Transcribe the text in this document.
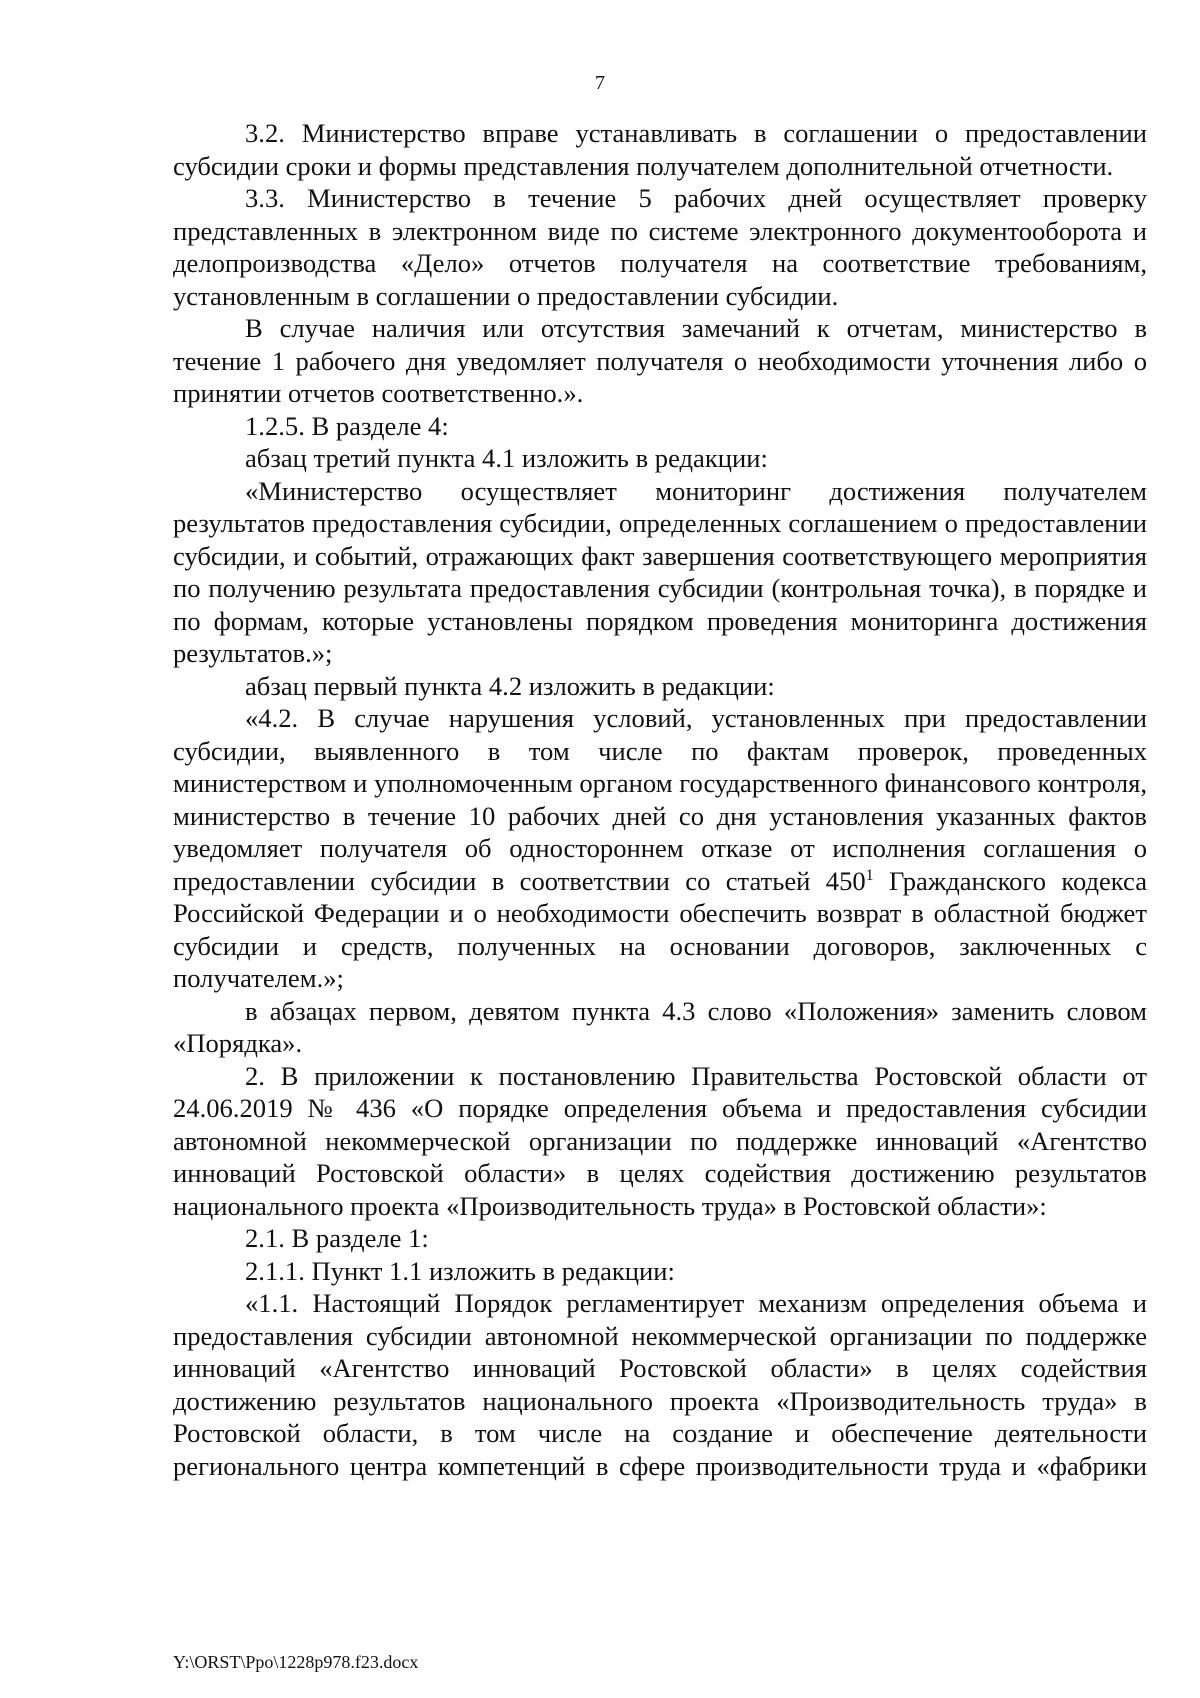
7

3.2. Министерство вправе устанавливать в соглашении о предоставлении субсидии сроки и формы представления получателем дополнительной отчетности.

3.3. Министерство в течение 5 рабочих дней осуществляет проверку представленных в электронном виде по системе электронного документооборота и делопроизводства «Дело» отчетов получателя на соответствие требованиям, установленным в соглашении о предоставлении субсидии.

В случае наличия или отсутствия замечаний к отчетам, министерство в течение 1 рабочего дня уведомляет получателя о необходимости уточнения либо о принятии отчетов соответственно.».

1.2.5. В разделе 4:

абзац третий пункта 4.1 изложить в редакции:

«Министерство осуществляет мониторинг достижения получателем результатов предоставления субсидии, определенных соглашением о предоставлении субсидии, и событий, отражающих факт завершения соответствующего мероприятия по получению результата предоставления субсидии (контрольная точка), в порядке и по формам, которые установлены порядком проведения мониторинга достижения результатов.»;

абзац первый пункта 4.2 изложить в редакции:

«4.2. В случае нарушения условий, установленных при предоставлении субсидии, выявленного в том числе по фактам проверок, проведенных министерством и уполномоченным органом государственного финансового контроля, министерство в течение 10 рабочих дней со дня установления указанных фактов уведомляет получателя об одностороннем отказе от исполнения соглашения о предоставлении субсидии в соответствии со статьей $450^1$ Гражданского кодекса Российской Федерации и о необходимости обеспечить возврат в областной бюджет субсидии и средств, полученных на основании договоров, заключенных с получателем.»;

в абзацах первом, девятом пункта 4.3 слово «Положения» заменить словом «Порядка».

2. В приложении к постановлению Правительства Ростовской области от 24.06.2019 № 436 «О порядке определения объема и предоставления субсидии автономной некоммерческой организации по поддержке инноваций «Агентство инноваций Ростовской области» в целях содействия достижению результатов национального проекта «Производительность труда» в Ростовской области»:

2.1. В разделе 1:

2.1.1. Пункт 1.1 изложить в редакции:

«1.1. Настоящий Порядок регламентирует механизм определения объема и предоставления субсидии автономной некоммерческой организации по поддержке инноваций «Агентство инноваций Ростовской области» в целях содействия достижению результатов национального проекта «Производительность труда» в Ростовской области, в том числе на создание и обеспечение деятельности регионального центра компетенций в сфере производительности труда и «фабрики

Y:\ORST\Ppo\1228p978.f23.docx
